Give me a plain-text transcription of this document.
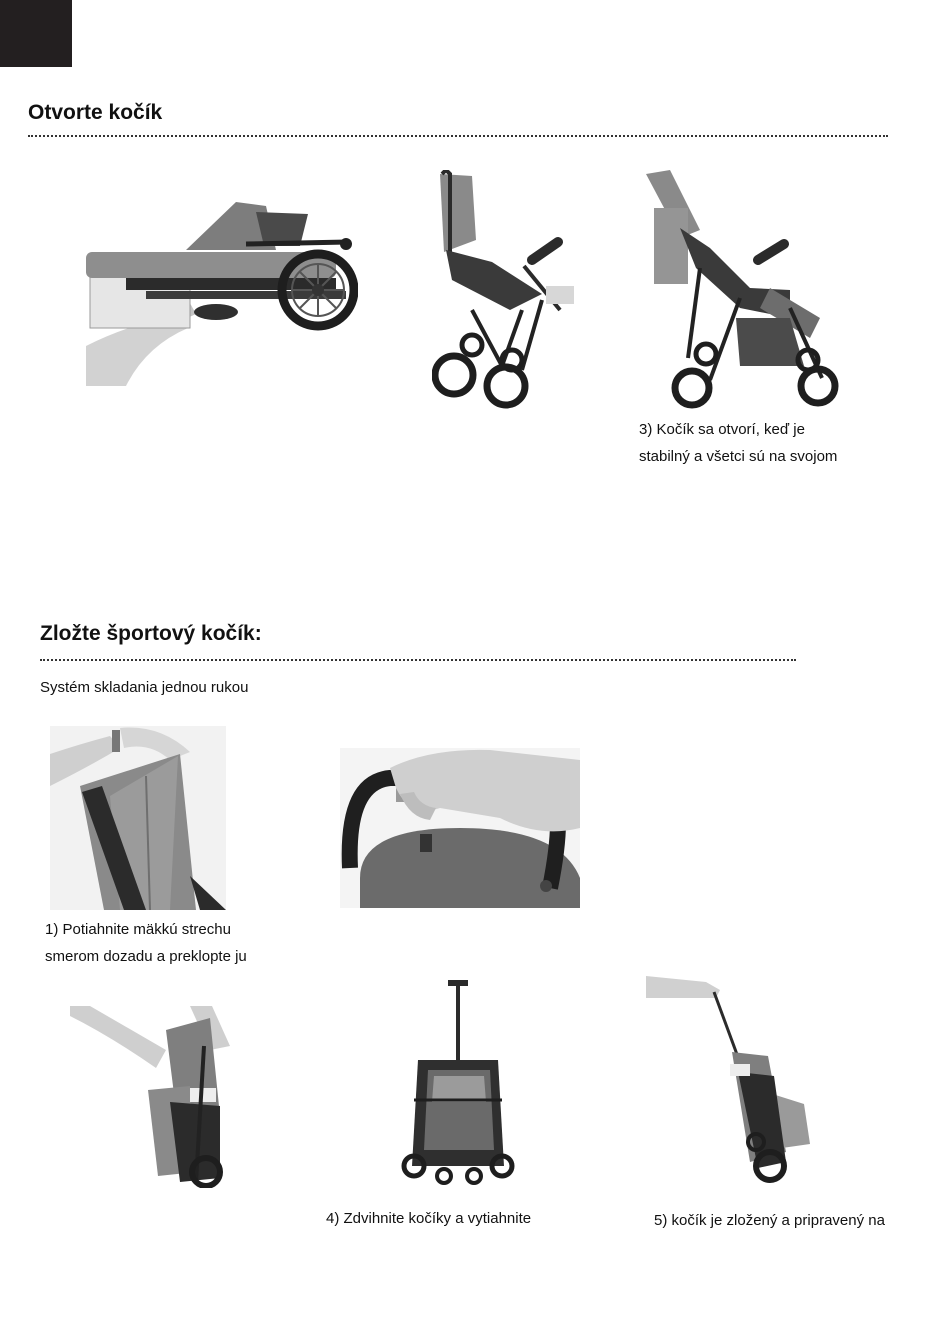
Otvorte kočík
3) Kočík sa otvorí, keď je
stabilný a všetci sú na svojom
Zložte športový kočík:
Systém skladania jednou rukou
1) Potiahnite mäkkú strechu
smerom dozadu a preklopte ju
4) Zdvihnite kočíky a vytiahnite	5) kočík je zložený a pripravený na
